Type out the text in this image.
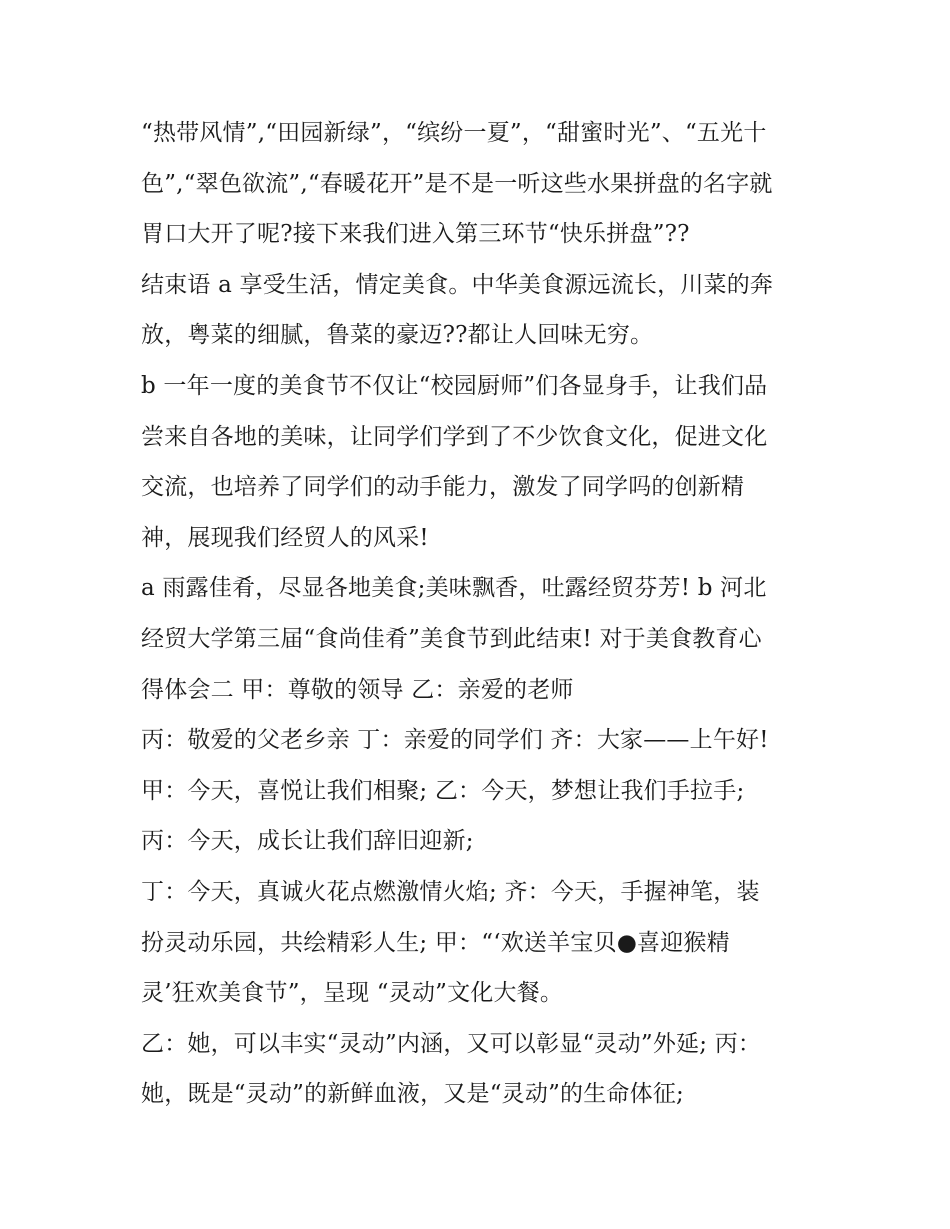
“热带风情”,“田园新绿”，“缤纷一夏”，“甜蜜时光”、“五光十
色”,“翠色欲流”,“春暖花开”是不是一听这些水果拼盘的名字就
胃口大开了呢?接下来我们进入第三环节“快乐拼盘”??
结束语 a 享受生活，情定美食。中华美食源远流长，川菜的奔
放，粤菜的细腻，鲁菜的豪迈??都让人回味无穷。
b 一年一度的美食节不仅让“校园厨师”们各显身手，让我们品
尝来自各地的美味，让同学们学到了不少饮食文化，促进文化
交流，也培养了同学们的动手能力，激发了同学吗的创新精
神，展现我们经贸人的风采!
a 雨露佳肴，尽显各地美食;美味飘香，吐露经贸芬芳! b 河北
经贸大学第三届“食尚佳肴”美食节到此结束! 对于美食教育心
得体会二 甲：尊敬的领导 乙：亲爱的老师
丙：敬爱的父老乡亲 丁：亲爱的同学们 齐：大家——上午好!
甲：今天，喜悦让我们相聚; 乙：今天，梦想让我们手拉手;
丙：今天，成长让我们辞旧迎新;
丁：今天，真诚火花点燃激情火焰; 齐：今天，手握神笔，装
扮灵动乐园，共绘精彩人生; 甲：“‘欢送羊宝贝●喜迎猴精
灵’狂欢美食节”，呈现 “灵动”文化大餐。
乙：她，可以丰实“灵动”内涵，又可以彰显“灵动”外延; 丙：
她，既是“灵动”的新鲜血液，又是“灵动”的生命体征;
